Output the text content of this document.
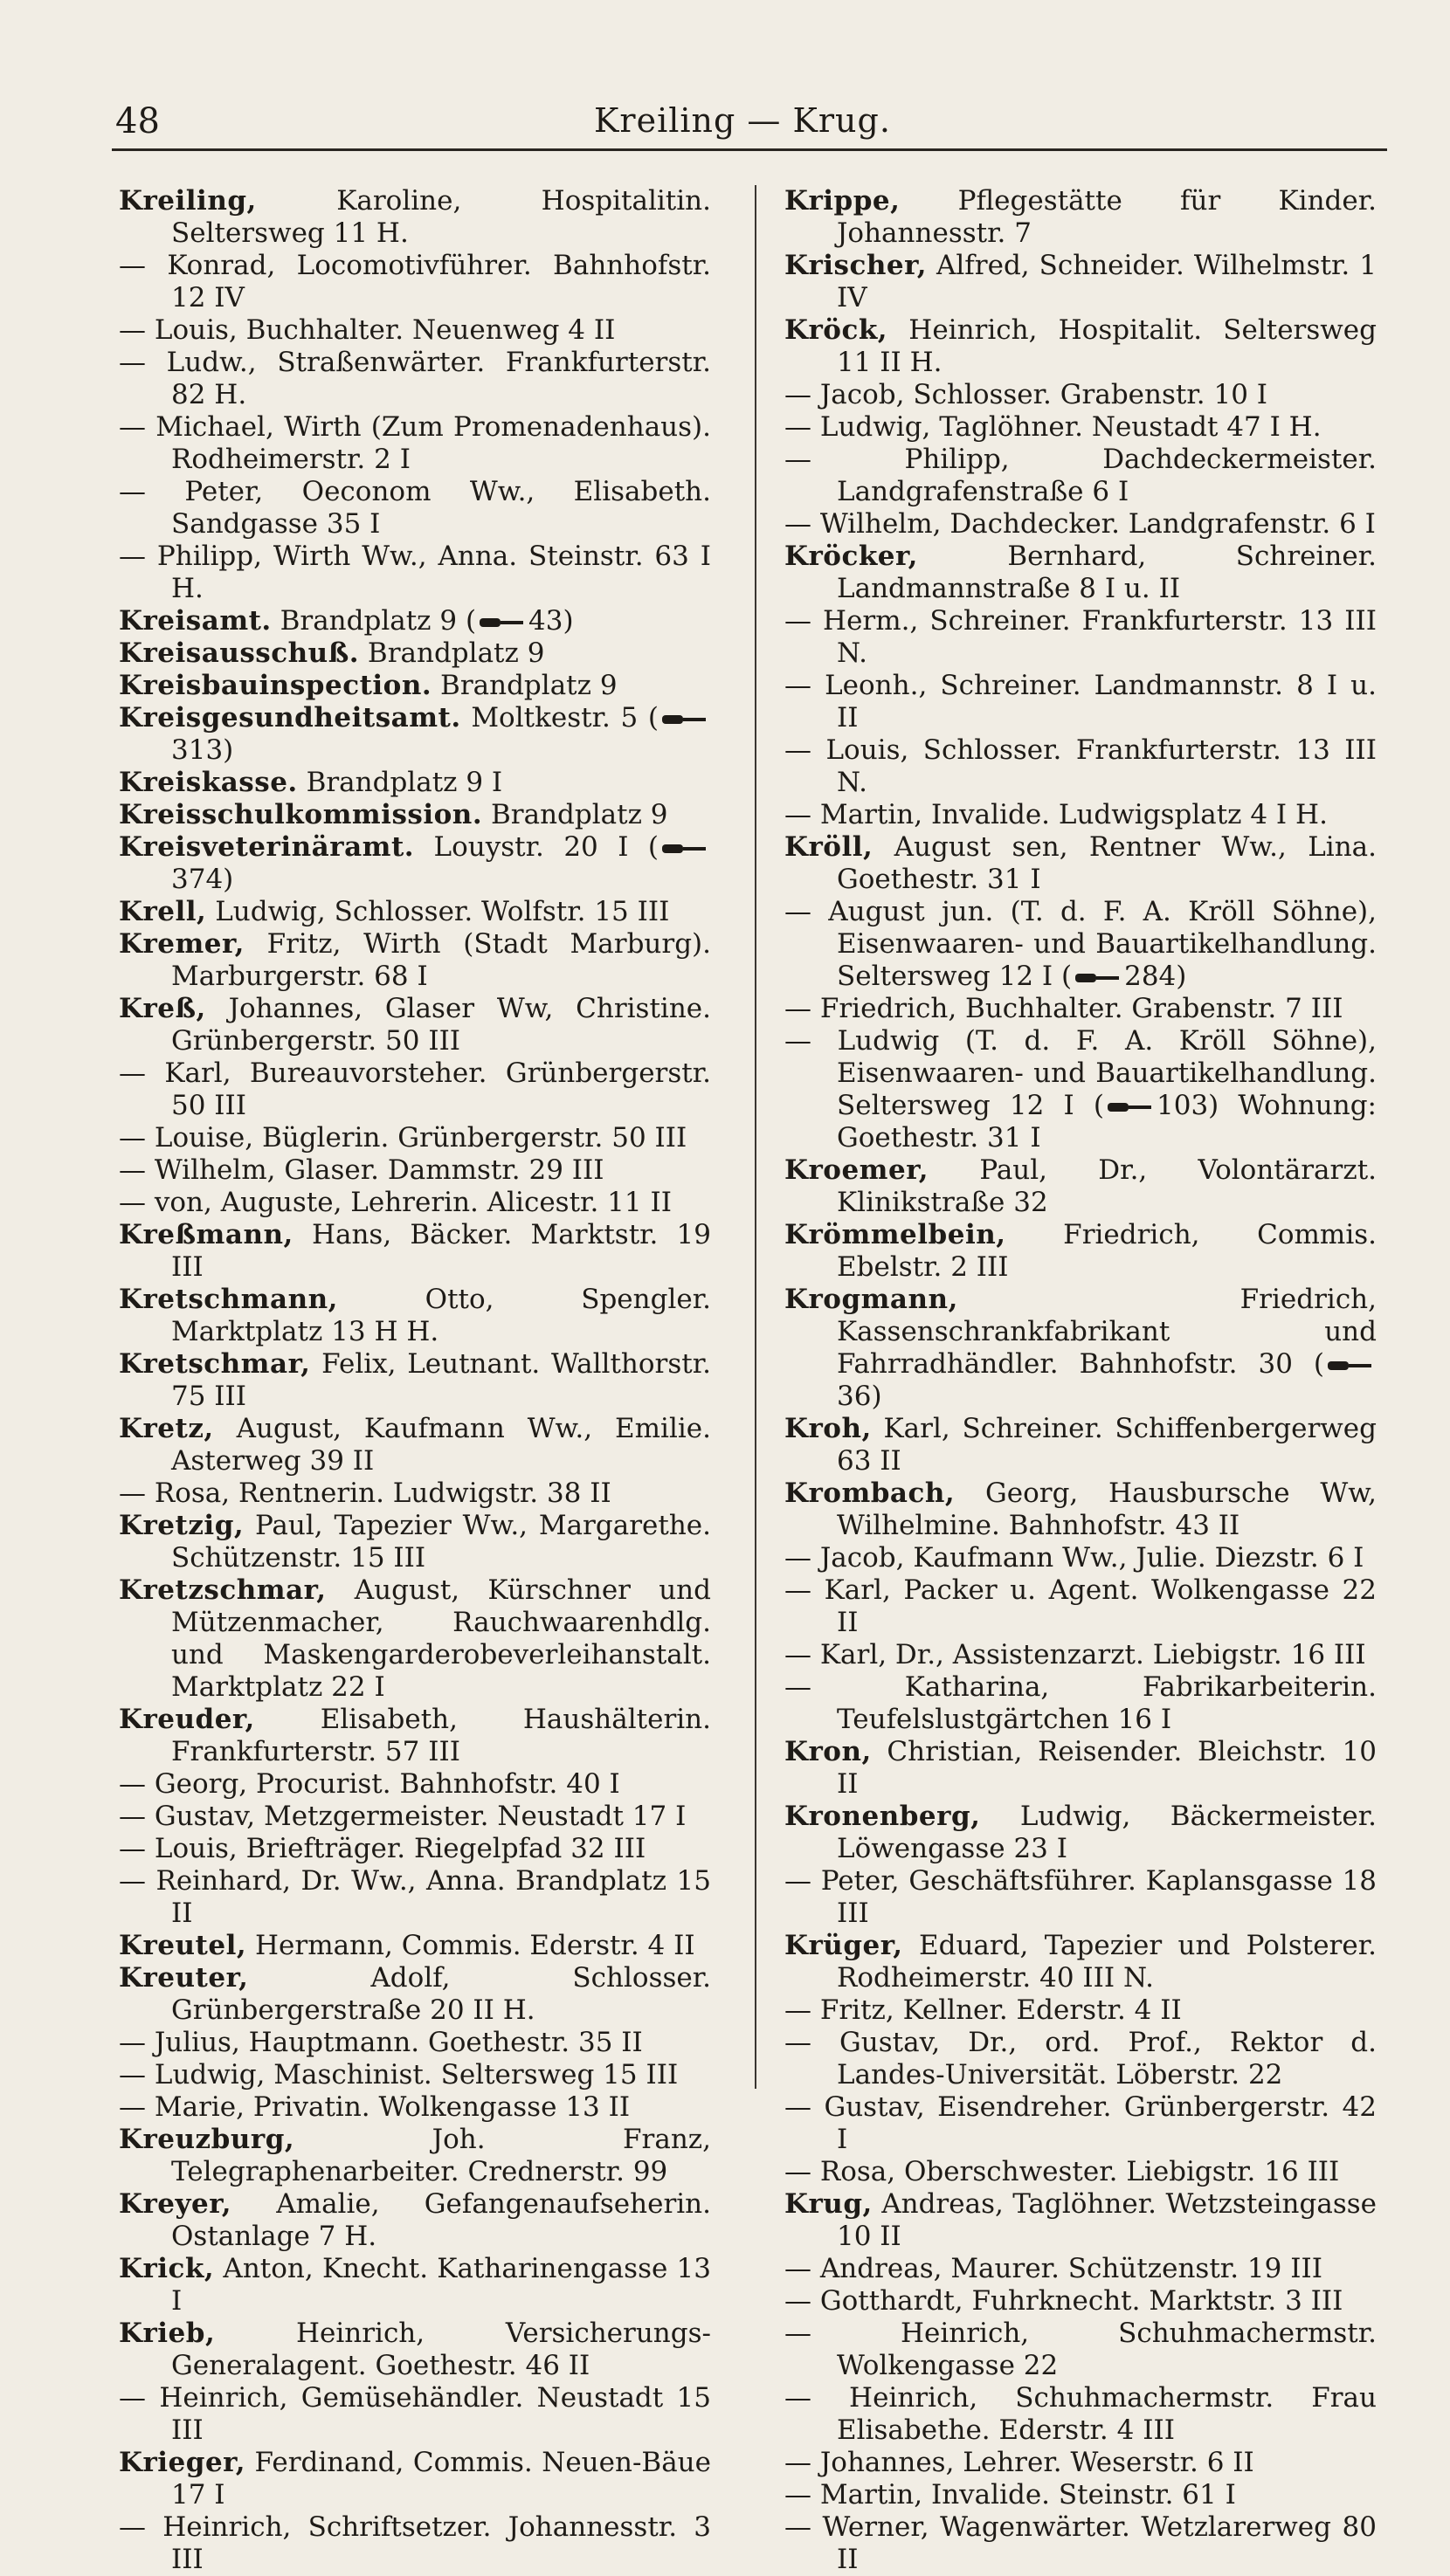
48	Kreiling — Krug.
Kreiling, Karoline, Hospitalitin. Seltersweg 11 H.
— Konrad, Locomotivführer. Bahnhofstr. 12 IV
— Louis, Buchhalter. Neuenweg 4 II
— Ludw., Straßenwärter. Frankfurterstr. 82 H.
— Michael, Wirth (Zum Promenadenhaus). Rodheimerstr. 2 I
— Peter, Oeconom Ww., Elisabeth. Sandgasse 35 I
— Philipp, Wirth Ww., Anna. Steinstr. 63 I H.
Kreisamt. Brandplatz 9 ( 43)
Kreisausschuß. Brandplatz 9
Kreisbauinspection. Brandplatz 9
Kreisgesundheitsamt. Moltkestr. 5 (313)
Kreiskasse. Brandplatz 9 I
Kreisschulkommission. Brandplatz 9
Kreisveterinäramt. Louystr. 20 I (374)
Krell, Ludwig, Schlosser. Wolfstr. 15 III
Kremer, Fritz, Wirth (Stadt Marburg). Marburgerstr. 68 I
Kreß, Johannes, Glaser Ww, Christine. Grünbergerstr. 50 III
— Karl, Bureauvorsteher. Grünbergerstr. 50 III
— Louise, Büglerin. Grünbergerstr. 50 III
— Wilhelm, Glaser. Dammstr. 29 III
— von, Auguste, Lehrerin. Alicestr. 11 II
Kreßmann, Hans, Bäcker. Marktstr. 19 III
Kretschmann, Otto, Spengler. Marktplatz 13 H H.
Kretschmar, Felix, Leutnant. Wallthorstr. 75 III
Kretz, August, Kaufmann Ww., Emilie. Asterweg 39 II
— Rosa, Rentnerin. Ludwigstr. 38 II
Kretzig, Paul, Tapezier Ww., Margarethe. Schützenstr. 15 III
Kretzschmar, August, Kürschner und Mützenmacher, Rauchwaarenhdlg. und Maskengarderobeverleihanstalt. Marktplatz 22 I
Kreuder, Elisabeth, Haushälterin. Frankfurterstr. 57 III
— Georg, Procurist. Bahnhofstr. 40 I
— Gustav, Metzgermeister. Neustadt 17 I
— Louis, Briefträger. Riegelpfad 32 III
— Reinhard, Dr. Ww., Anna. Brandplatz 15 II
Kreutel, Hermann, Commis. Ederstr. 4 II
Kreuter, Adolf, Schlosser. Grünbergerstraße 20 II H.
— Julius, Hauptmann. Goethestr. 35 II
— Ludwig, Maschinist. Seltersweg 15 III
— Marie, Privatin. Wolkengasse 13 II
Kreuzburg, Joh. Franz, Telegraphenarbeiter. Crednerstr. 99
Kreyer, Amalie, Gefangenaufseherin. Ostanlage 7 H.
Krick, Anton, Knecht. Katharinengasse 13 I
Krieb, Heinrich, Versicherungs-Generalagent. Goethestr. 46 II
— Heinrich, Gemüsehändler. Neustadt 15 III
Krieger, Ferdinand, Commis. Neuen-Bäue 17 I
— Heinrich, Schriftsetzer. Johannesstr. 3 III
Krippe, Pflegestätte für Kinder. Johannesstr. 7
Krischer, Alfred, Schneider. Wilhelmstr. 1 IV
Kröck, Heinrich, Hospitalit. Seltersweg 11 II H.
— Jacob, Schlosser. Grabenstr. 10 I
— Ludwig, Taglöhner. Neustadt 47 I H.
— Philipp, Dachdeckermeister. Landgrafenstraße 6 I
— Wilhelm, Dachdecker. Landgrafenstr. 6 I
Kröcker, Bernhard, Schreiner. Landmannstraße 8 I u. II
— Herm., Schreiner. Frankfurterstr. 13 III N.
— Leonh., Schreiner. Landmannstr. 8 I u. II
— Louis, Schlosser. Frankfurterstr. 13 III N.
— Martin, Invalide. Ludwigsplatz 4 I H.
Kröll, August sen, Rentner Ww., Lina. Goethestr. 31 I
— August jun. (T. d. F. A. Kröll Söhne), Eisenwaaren- und Bauartikelhandlung. Seltersweg 12 I ( 284)
— Friedrich, Buchhalter. Grabenstr. 7 III
— Ludwig (T. d. F. A. Kröll Söhne), Eisenwaaren- und Bauartikelhandlung. Seltersweg 12 I ( 103) Wohnung: Goethestr. 31 I
Kroemer, Paul, Dr., Volontärarzt. Klinikstraße 32
Krömmelbein, Friedrich, Commis. Ebelstr. 2 III
Krogmann, Friedrich, Kassenschrankfabrikant und Fahrradhändler. Bahnhofstr. 30 (36)
Kroh, Karl, Schreiner. Schiffenbergerweg 63 II
Krombach, Georg, Hausbursche Ww, Wilhelmine. Bahnhofstr. 43 II
— Jacob, Kaufmann Ww., Julie. Diezstr. 6 I
— Karl, Packer u. Agent. Wolkengasse 22 II
— Karl, Dr., Assistenzarzt. Liebigstr. 16 III
— Katharina, Fabrikarbeiterin. Teufelslustgärtchen 16 I
Kron, Christian, Reisender. Bleichstr. 10 II
Kronenberg, Ludwig, Bäckermeister. Löwengasse 23 I
— Peter, Geschäftsführer. Kaplansgasse 18 III
Krüger, Eduard, Tapezier und Polsterer. Rodheimerstr. 40 III N.
— Fritz, Kellner. Ederstr. 4 II
— Gustav, Dr., ord. Prof., Rektor d. Landes-Universität. Löberstr. 22
— Gustav, Eisendreher. Grünbergerstr. 42 I
— Rosa, Oberschwester. Liebigstr. 16 III
Krug, Andreas, Taglöhner. Wetzsteingasse 10 II
— Andreas, Maurer. Schützenstr. 19 III
— Gotthardt, Fuhrknecht. Marktstr. 3 III
— Heinrich, Schuhmachermstr. Wolkengasse 22
— Heinrich, Schuhmachermstr. Frau Elisabethe. Ederstr. 4 III
— Johannes, Lehrer. Weserstr. 6 II
— Martin, Invalide. Steinstr. 61 I
— Werner, Wagenwärter. Wetzlarerweg 80 II
